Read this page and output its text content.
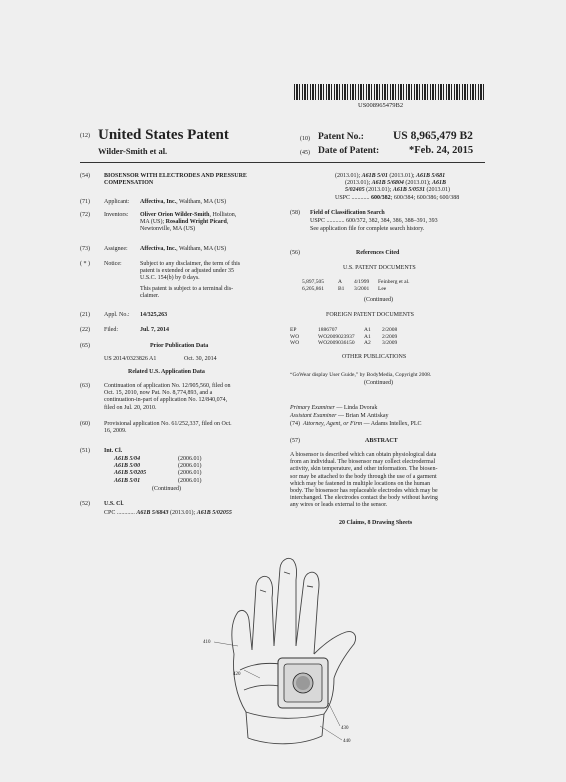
US008965479B2
(12) United States Patent
Wilder-Smith et al.
(10) Patent No.:	US 8,965,479 B2
(45) Date of Patent:	*Feb. 24, 2015
(54) BIOSENSOR WITH ELECTRODES AND PRESSURE COMPENSATION
(71) Applicant: Affectiva, Inc., Waltham, MA (US)
(72) Inventors: Oliver Orion Wilder-Smith, Holliston,
MA (US); Rosalind Wright Picard,
Newtonville, MA (US)
(73) Assignee: Affectiva, Inc., Waltham, MA (US)
( * ) Notice:	Subject to any disclaimer, the term of this
patent is extended or adjusted under 35
U.S.C. 154(b) by 0 days.
This patent is subject to a terminal dis-
claimer.
(21) Appl. No.: 14/325,263
(22) Filed:	Jul. 7, 2014
(65)	Prior Publication Data
US 2014/0323826 A1	Oct. 30, 2014
Related U.S. Application Data
(63) Continuation of application No. 12/905,560, filed on
Oct. 15, 2010, now Pat. No. 8,774,893, and a
continuation-in-part of application No. 12/840,074,
filed on Jul. 20, 2010.
(60) Provisional application No. 61/252,337, filed on Oct.
16, 2009.
(51) Int. Cl.
A61B 5/04	(2006.01)
A61B 5/00	(2006.01)
A61B 5/0205	(2006.01)
A61B 5/01	(2006.01)
(Continued)
(52) U.S. Cl.
CPC ............ A61B 5/6843 (2013.01); A61B 5/02055
(2013.01); A61B 5/01 (2013.01); A61B 5/681
(2013.01); A61B 5/6804 (2013.01); A61B
5/02405 (2013.01); A61B 5/0531 (2013.01)
USPC ............ 600/382; 600/384; 600/386; 600/388
(58) Field of Classification Search
USPC ............ 600/372, 382, 384, 386, 388–391, 393
See application file for complete search history.
(56)	References Cited
U.S. PATENT DOCUMENTS
5,897,505	A 4/1999 Feinberg et al.
6,205,861	B1 3/2001 Lee
(Continued)
FOREIGN PATENT DOCUMENTS
EP	1886707	A1 2/2008
WO	WO2009023937 A1 2/2009
WO	WO2009036150 A2 3/2009
OTHER PUBLICATIONS
“GoWear display User Guide,” by BodyMedia, Copyright 2008.
(Continued)
Primary Examiner — Linda Dvorak
Assistant Examiner — Brian M Antiskay
(74) Attorney, Agent, or Firm — Adams Intellex, PLC
(57)	ABSTRACT
A biosensor is described which can obtain physiological data
from an individual. The biosensor may collect electrodermal
activity, skin temperature, and other information. The biosen-
sor may be attached to the body through the use of a garment
which may be fastened in multiple locations on the human
body. The biosensor has replaceable electrodes which may be
interchanged. The electrodes contact the body without having
any wires or leads external to the sensor.
20 Claims, 8 Drawing Sheets
410
420
430
440
